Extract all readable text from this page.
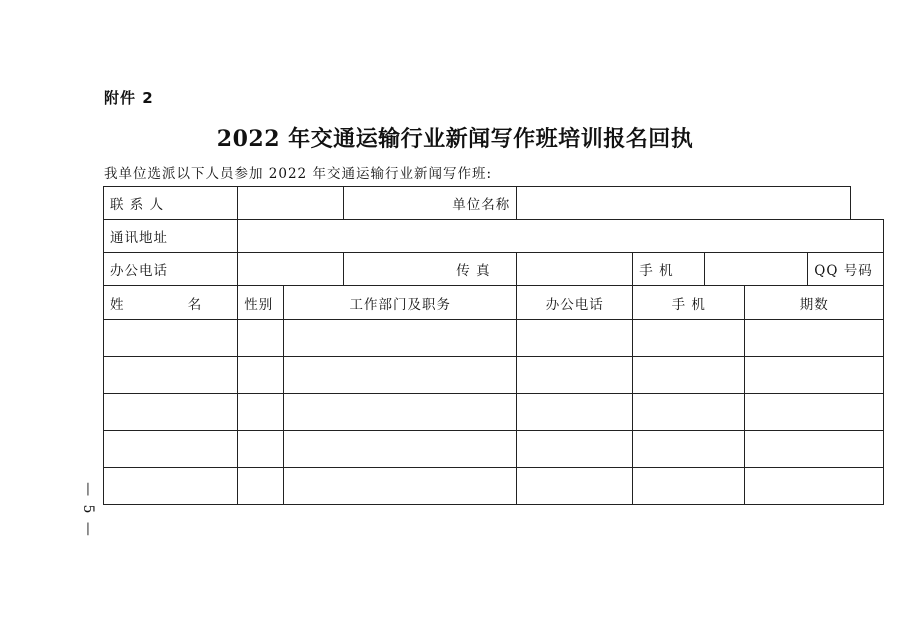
附件 2
2022 年交通运输行业新闻写作班培训报名回执
我单位选派以下人员参加 2022 年交通运输行业新闻写作班:
联 系 人			单位名称					
通讯地址								
办公电话			传 真		手 机			QQ 号码
姓 名	性别	工作部门及职务		办公电话	手 机		期数	

— 5 —
